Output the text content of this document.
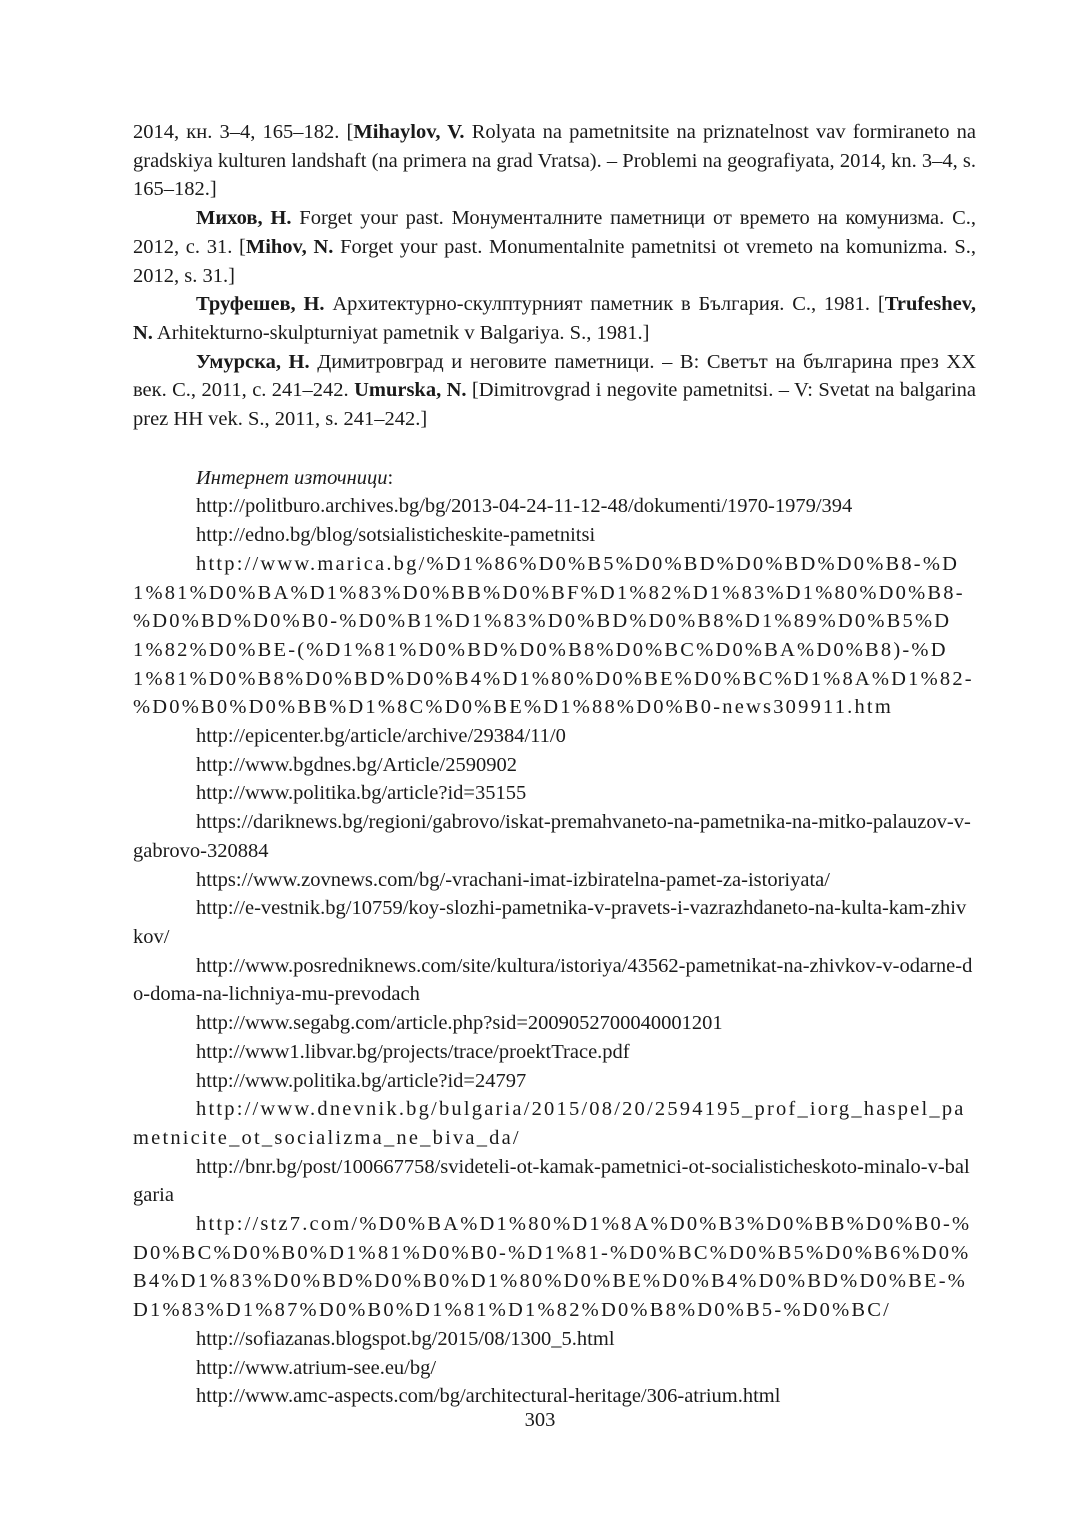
2014, кн. 3–4, 165–182. [Mihaylov, V. Rolyata na pametnitsite na priznatelnost vav formiraneto na gradskiya kulturen landshaft (na primera na grad Vratsa). – Problemi na geografiyata, 2014, kn. 3–4, s. 165–182.]

Михов, Н. Forget your past. Монументалните паметници от времето на комунизма. С., 2012, с. 31. [Mihov, N. Forget your past. Monumentalnite pametnitsi ot vremeto na komunizma. S., 2012, s. 31.]

Труфешев, Н. Архитектурно-скулптурният паметник в България. С., 1981. [Trufeshev, N. Arhitekturno-skulpturniyat pametnik v Balgariya. S., 1981.]

Умурска, Н. Димитровград и неговите паметници. – В: Светът на българина през ХХ век. С., 2011, с. 241–242. Umurska, N. [Dimitrovgrad i negovite pametnitsi. – V: Svetat na balgarina prez HH vek. S., 2011, s. 241–242.]

Интернет източници:

http://politburo.archives.bg/bg/2013-04-24-11-12-48/dokumenti/1970-1979/394

http://edno.bg/blog/sotsialisticheskite-pametnitsi

http://www.marica.bg/%D1%86%D0%B5%D0%BD%D0%BD%D0%B8-%D1%81%D0%BA%D1%83%D0%BB%D0%BF%D1%82%D1%83%D1%80%D0%B8-%D0%BD%D0%B0-%D0%B1%D1%83%D0%BD%D0%B8%D1%89%D0%B5%D1%82%D0%BE-(%D1%81%D0%BD%D0%B8%D0%BC%D0%BA%D0%B8)-%D1%81%D0%B8%D0%BD%D0%B4%D1%80%D0%BE%D0%BC%D1%8A%D1%82-%D0%B0%D0%BB%D1%8C%D0%BE%D1%88%D0%B0-news309911.htm

http://epicenter.bg/article/archive/29384/11/0

http://www.bgdnes.bg/Article/2590902

http://www.politika.bg/article?id=35155

https://dariknews.bg/regioni/gabrovo/iskat-premahvaneto-na-pametnika-na-mitko-palauzov-v-gabrovo-320884

https://www.zovnews.com/bg/-vrachani-imat-izbiratelna-pamet-za-istoriyata/

http://e-vestnik.bg/10759/koy-slozhi-pametnika-v-pravets-i-vazrazhdaneto-na-kulta-kam-zhivkov/

http://www.posredniknews.com/site/kultura/istoriya/43562-pametnikat-na-zhivkov-v-odarne-do-doma-na-lichniya-mu-prevodach

http://www.segabg.com/article.php?sid=2009052700040001201

http://www1.libvar.bg/projects/trace/proektTrace.pdf

http://www.politika.bg/article?id=24797

http://www.dnevnik.bg/bulgaria/2015/08/20/2594195_prof_iorg_haspel_pametnicite_ot_socializma_ne_biva_da/

http://bnr.bg/post/100667758/svideteli-ot-kamak-pametnici-ot-socialisticheskoto-minalo-v-balgaria

http://stz7.com/%D0%BA%D1%80%D1%8A%D0%B3%D0%BB%D0%B0-%D0%BC%D0%B0%D1%81%D0%B0-%D1%81-%D0%BC%D0%B5%D0%B6%D0%B4%D1%83%D0%BD%D0%B0%D1%80%D0%BE%D0%B4%D0%BD%D0%BE-%D1%83%D1%87%D0%B0%D1%81%D1%82%D0%B8%D0%B5-%D0%BC/

http://sofiazanas.blogspot.bg/2015/08/1300_5.html

http://www.atrium-see.eu/bg/

http://www.amc-aspects.com/bg/architectural-heritage/306-atrium.html

303
